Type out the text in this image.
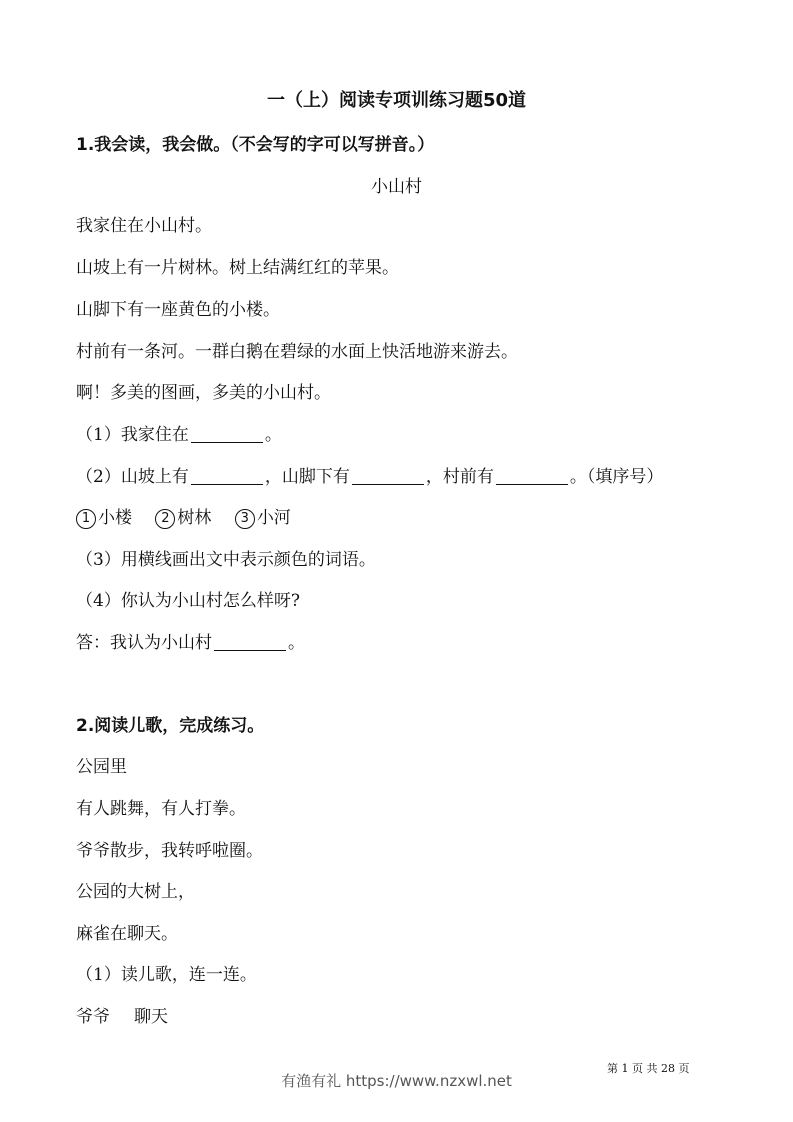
一（上）阅读专项训练习题50道
1.我会读，我会做。（不会写的字可以写拼音。）
小山村
我家住在小山村。
山坡上有一片树林。树上结满红红的苹果。
山脚下有一座黄色的小楼。
村前有一条河。一群白鹅在碧绿的水面上快活地游来游去。
啊！多美的图画，多美的小山村。
（1）我家住在	。
（2）山坡上有	，山脚下有	，村前有	。（填序号）
1 小楼 2 树林 3 小河
（3）用横线画出文中表示颜色的词语。
（4）你认为小山村怎么样呀?
答：我认为小山村	。
2.阅读儿歌，完成练习。
公园里
有人跳舞，有人打拳。
爷爷散步，我转呼啦圈。
公园的大树上，
麻雀在聊天。
（1）读儿歌，连一连。
爷爷 聊天
第 1 页 共 28 页
有渔有礼 https://www.nzxwl.net
